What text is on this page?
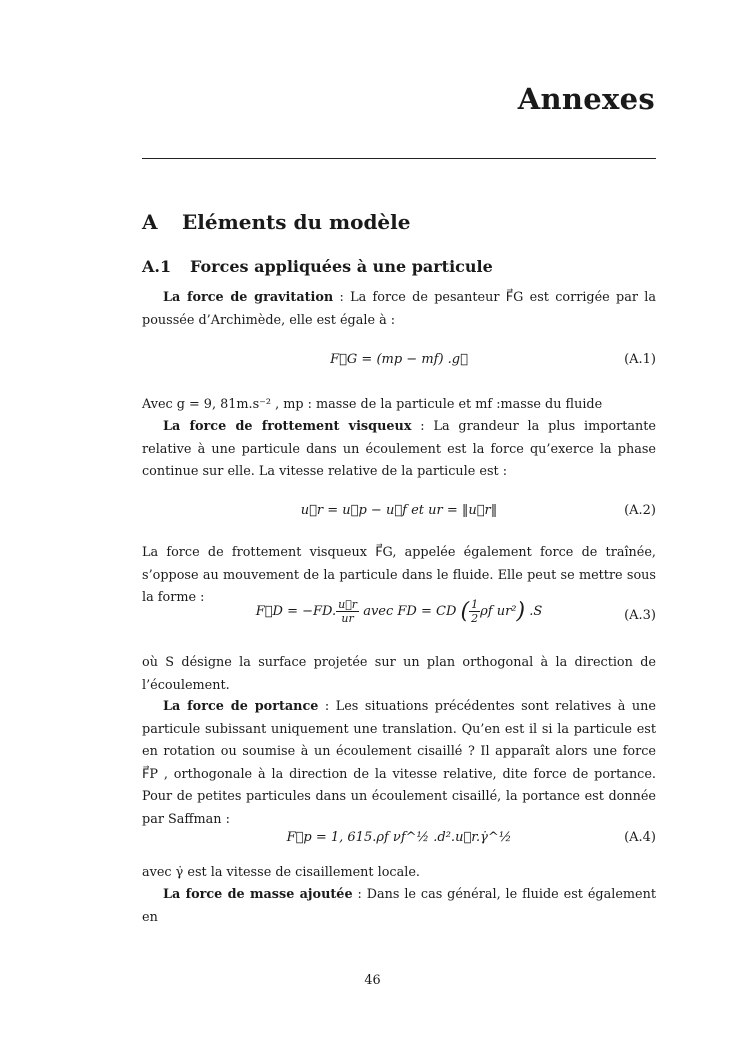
Annexes
A Eléments du modèle
A.1 Forces appliquées à une particule
La force de gravitation : La force de pesanteur F⃗G est corrigée par la poussée d’Archimède, elle est égale à :
F⃗G = (mp − mf) .g⃗	(A.1)
Avec g = 9, 81m.s⁻² , mp : masse de la particule et mf :masse du fluide
La force de frottement visqueux : La grandeur la plus importante relative à une particule dans un écoulement est la force qu’exerce la phase continue sur elle. La vitesse relative de la particule est :
u⃗r = u⃗p − u⃗f et ur = ‖u⃗r‖	(A.2)
La force de frottement visqueux F⃗G, appelée également force de traînée, s’oppose au mouvement de la particule dans le fluide. Elle peut se mettre sous la forme :
F⃗D = −FD. $\frac{u⃗r}{ur}$ avec FD = CD ( $\frac{1}{2}$ ρf ur²) .S	(A.3)
où S désigne la surface projetée sur un plan orthogonal à la direction de l’écoulement.
La force de portance : Les situations précédentes sont relatives à une particule subissant uniquement une translation. Qu’en est il si la particule est en rotation ou soumise à un écoulement cisaillé ? Il apparaît alors une force F⃗P , orthogonale à la direction de la vitesse relative, dite force de portance. Pour de petites particules dans un écoulement cisaillé, la portance est donnée par Saffman :
F⃗p = 1, 615.ρf νf^½ .d².u⃗r.γ̇^½	(A.4)
avec γ̇ est la vitesse de cisaillement locale.
La force de masse ajoutée : Dans le cas général, le fluide est également en
46
